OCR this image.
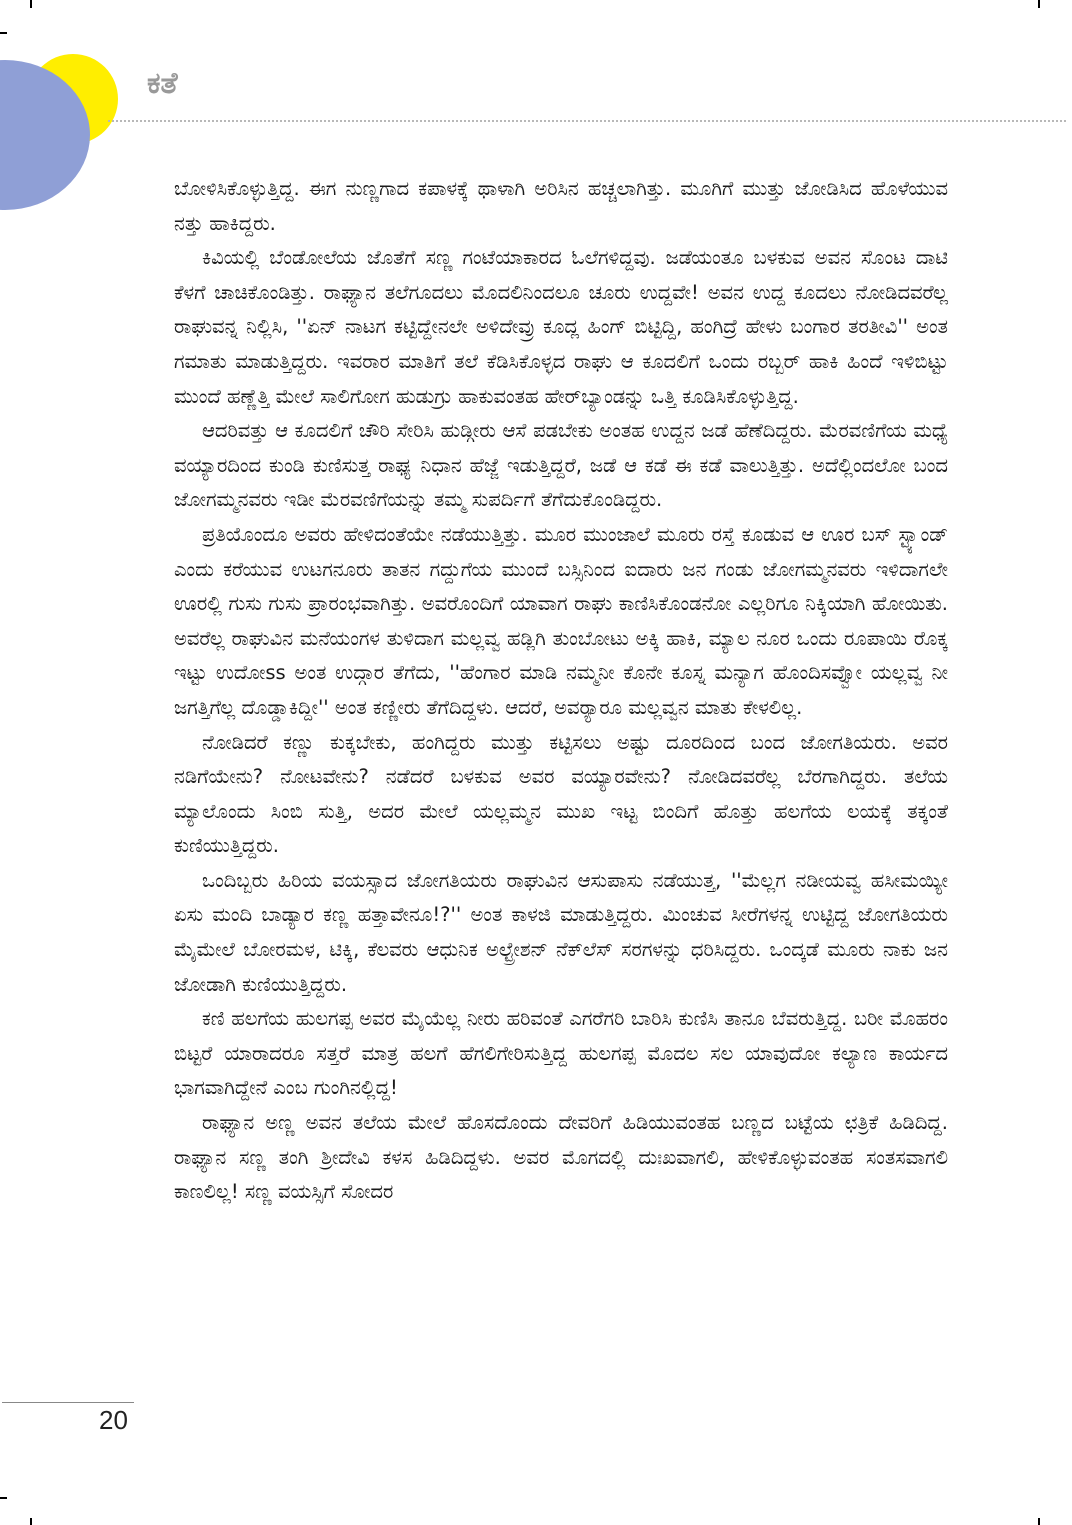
ಕತೆ

ಬೋಳಿಸಿಕೊಳ್ಳುತ್ತಿದ್ದ. ಈಗ ನುಣ್ಣಗಾದ ಕಪಾಳಕ್ಕೆ ಥಾಳಾಗಿ ಅರಿಸಿನ ಹಚ್ಚಲಾಗಿತ್ತು. ಮೂಗಿಗೆ ಮುತ್ತು ಜೋಡಿಸಿದ ಹೊಳೆಯುವ ನತ್ತು ಹಾಕಿದ್ದರು.

ಕಿವಿಯಲ್ಲಿ ಬೆಂಡೋಲೆಯ ಜೊತೆಗೆ ಸಣ್ಣ ಗಂಟೆಯಾಕಾರದ ಓಲೆಗಳಿದ್ದವು. ಜಡೆಯಂತೂ ಬಳಕುವ ಅವನ ಸೊಂಟ ದಾಟಿ ಕೆಳಗೆ ಚಾಚಿಕೊಂಡಿತ್ತು. ರಾಘ್ಯಾನ ತಲೆಗೂದಲು ಮೊದಲಿನಿಂದಲೂ ಚೂರು ಉದ್ದವೇ! ಅವನ ಉದ್ದ ಕೂದಲು ನೋಡಿದವರೆಲ್ಲ ರಾಘುವನ್ನ ನಿಲ್ಲಿಸಿ, ''ಏನ್ ನಾಟಗ ಕಟ್ಟಿದ್ದೇನಲೇ ಅಳಿದೇವ್ರು ಕೂದ್ಲ ಹಿಂಗ್ ಬಿಟ್ಟಿದ್ದಿ, ಹಂಗಿದ್ರೆ ಹೇಳು ಬಂಗಾರ ತರತೀವಿ'' ಅಂತ ಗಮಾತು ಮಾಡುತ್ತಿದ್ದರು. ಇವರಾರ ಮಾತಿಗೆ ತಲೆ ಕೆಡಿಸಿಕೊಳ್ಳದ ರಾಘು ಆ ಕೂದಲಿಗೆ ಒಂದು ರಬ್ಬರ್ ಹಾಕಿ ಹಿಂದೆ ಇಳಿಬಿಟ್ಟು ಮುಂದೆ ಹಣ್ಣೆತ್ತಿ ಮೇಲೆ ಸಾಲಿಗೋಗ ಹುಡುಗ್ರು ಹಾಕುವಂತಹ ಹೇರ್‌ಬ್ಯಾಂಡನ್ನು ಒತ್ತಿ ಕೂಡಿಸಿಕೊಳ್ಳುತ್ತಿದ್ದ.

ಆದರಿವತ್ತು ಆ ಕೂದಲಿಗೆ ಚೌರಿ ಸೇರಿಸಿ ಹುಡ್ಗೀರು ಆಸೆ ಪಡಬೇಕು ಅಂತಹ ಉದ್ದನ ಜಡೆ ಹೆಣೆದಿದ್ದರು. ಮೆರವಣಿಗೆಯ ಮಧ್ಯೆ ವಯ್ಯಾರದಿಂದ ಕುಂಡಿ ಕುಣಿಸುತ್ತ ರಾಘ್ಯ ನಿಧಾನ ಹೆಜ್ಜೆ ಇಡುತ್ತಿದ್ದರೆ, ಜಡೆ ಆ ಕಡೆ ಈ ಕಡೆ ವಾಲುತ್ತಿತ್ತು. ಅದೆಲ್ಲಿಂದಲೋ ಬಂದ ಜೋಗಮ್ಮನವರು ಇಡೀ ಮೆರವಣಿಗೆಯನ್ನು ತಮ್ಮ ಸುಪರ್ದಿಗೆ ತೆಗೆದುಕೊಂಡಿದ್ದರು.

ಪ್ರತಿಯೊಂದೂ ಅವರು ಹೇಳಿದಂತೆಯೇ ನಡೆಯುತ್ತಿತ್ತು. ಮೂರ ಮುಂಜಾಲೆ ಮೂರು ರಸ್ತೆ ಕೂಡುವ ಆ ಊರ ಬಸ್ ಸ್ಟ್ಯಾಂಡ್ ಎಂದು ಕರೆಯುವ ಉಟಗನೂರು ತಾತನ ಗದ್ದುಗೆಯ ಮುಂದೆ ಬಸ್ಸಿನಿಂದ ಐದಾರು ಜನ ಗಂಡು ಜೋಗಮ್ಮನವರು ಇಳಿದಾಗಲೇ ಊರಲ್ಲಿ ಗುಸು ಗುಸು ಪ್ರಾರಂಭವಾಗಿತ್ತು. ಅವರೊಂದಿಗೆ ಯಾವಾಗ ರಾಘು ಕಾಣಿಸಿಕೊಂಡನೋ ಎಲ್ಲರಿಗೂ ನಿಕ್ಕಿಯಾಗಿ ಹೋಯಿತು. ಅವರೆಲ್ಲ ರಾಘುವಿನ ಮನೆಯಂಗಳ ತುಳಿದಾಗ ಮಲ್ಲವ್ವ ಹಡ್ಲಿಗಿ ತುಂಬೋಟು ಅಕ್ಕಿ ಹಾಕಿ, ಮ್ಯಾಲ ನೂರ ಒಂದು ರೂಪಾಯಿ ರೊಕ್ಕ ಇಟ್ಟು ಉದೋss ಅಂತ ಉದ್ಗಾರ ತೆಗೆದು, ''ಹೆಂಗಾರ ಮಾಡಿ ನಮ್ಮನೀ ಕೊನೇ ಕೂಸ್ನ ಮನ್ಯಾಗ ಹೊಂದಿಸವ್ವೋ ಯಲ್ಲವ್ವ ನೀ ಜಗತ್ತಿಗೆಲ್ಲ ದೊಡ್ಡಾಕಿದ್ದೀ'' ಅಂತ ಕಣ್ಣೀರು ತೆಗೆದಿದ್ದಳು. ಆದರೆ, ಅವರ್‍ಯಾರೂ ಮಲ್ಲವ್ವನ ಮಾತು ಕೇಳಲಿಲ್ಲ.

ನೋಡಿದರೆ ಕಣ್ಣು ಕುಕ್ಕಬೇಕು, ಹಂಗಿದ್ದರು ಮುತ್ತು ಕಟ್ಟಿಸಲು ಅಷ್ಟು ದೂರದಿಂದ ಬಂದ ಜೋಗತಿಯರು. ಅವರ ನಡಿಗೆಯೇನು? ನೋಟವೇನು? ನಡೆದರೆ ಬಳಕುವ ಅವರ ವಯ್ಯಾರವೇನು? ನೋಡಿದವರೆಲ್ಲ ಬೆರಗಾಗಿದ್ದರು. ತಲೆಯ ಮ್ಯಾಲೊಂದು ಸಿಂಬಿ ಸುತ್ತಿ, ಅದರ ಮೇಲೆ ಯಲ್ಲಮ್ಮನ ಮುಖ ಇಟ್ಟ ಬಿಂದಿಗೆ ಹೊತ್ತು ಹಲಗೆಯ ಲಯಕ್ಕೆ ತಕ್ಕಂತೆ ಕುಣಿಯುತ್ತಿದ್ದರು.

ಒಂದಿಬ್ಬರು ಹಿರಿಯ ವಯಸ್ಸಾದ ಜೋಗತಿಯರು ರಾಘುವಿನ ಆಸುಪಾಸು ನಡೆಯುತ್ತ, ''ಮೆಲ್ಲಗ ನಡೀಯವ್ವ ಹಸೀಮಯ್ಯೀ ಏಸು ಮಂದಿ ಬಾಡ್ಯಾರ ಕಣ್ಣ ಹತ್ತಾವೇನೂ!?'' ಅಂತ ಕಾಳಜಿ ಮಾಡುತ್ತಿದ್ದರು. ಮಿಂಚುವ ಸೀರೆಗಳನ್ನ ಉಟ್ಟಿದ್ದ ಜೋಗತಿಯರು ಮೈಮೇಲೆ ಬೋರಮಳ, ಟಿಕ್ಕಿ, ಕೆಲವರು ಆಧುನಿಕ ಅಲ್ಟ್ರೇಶನ್ ನೆಕ್‌ಲೆಸ್ ಸರಗಳನ್ನು ಧರಿಸಿದ್ದರು. ಒಂದ್ಕಡೆ ಮೂರು ನಾಕು ಜನ ಜೋಡಾಗಿ ಕುಣಿಯುತ್ತಿದ್ದರು.

ಕಣಿ ಹಲಗೆಯ ಹುಲಗಪ್ಪ ಅವರ ಮೈಯೆಲ್ಲ ನೀರು ಹರಿವಂತೆ ಎಗರೆಗರಿ ಬಾರಿಸಿ ಕುಣಿಸಿ ತಾನೂ ಬೆವರುತ್ತಿದ್ದ. ಬರೀ ಮೊಹರಂ ಬಿಟ್ಟರೆ ಯಾರಾದರೂ ಸತ್ತರೆ ಮಾತ್ರ ಹಲಗೆ ಹೆಗಲಿಗೇರಿಸುತ್ತಿದ್ದ ಹುಲಗಪ್ಪ ಮೊದಲ ಸಲ ಯಾವುದೋ ಕಲ್ಯಾಣ ಕಾರ್ಯದ ಭಾಗವಾಗಿದ್ದೇನೆ ಎಂಬ ಗುಂಗಿನಲ್ಲಿದ್ದ!

ರಾಘ್ಯಾನ ಅಣ್ಣ ಅವನ ತಲೆಯ ಮೇಲೆ ಹೊಸದೊಂದು ದೇವರಿಗೆ ಹಿಡಿಯುವಂತಹ ಬಣ್ಣದ ಬಟ್ಟೆಯ ಛತ್ರಿಕೆ ಹಿಡಿದಿದ್ದ. ರಾಘ್ಯಾನ ಸಣ್ಣ ತಂಗಿ ಶ್ರೀದೇವಿ ಕಳಸ ಹಿಡಿದಿದ್ದಳು. ಅವರ ಮೊಗದಲ್ಲಿ ದುಃಖವಾಗಲಿ, ಹೇಳಿಕೊಳ್ಳುವಂತಹ ಸಂತಸವಾಗಲಿ ಕಾಣಲಿಲ್ಲ! ಸಣ್ಣ ವಯಸ್ಸಿಗೆ ಸೋದರ

20
